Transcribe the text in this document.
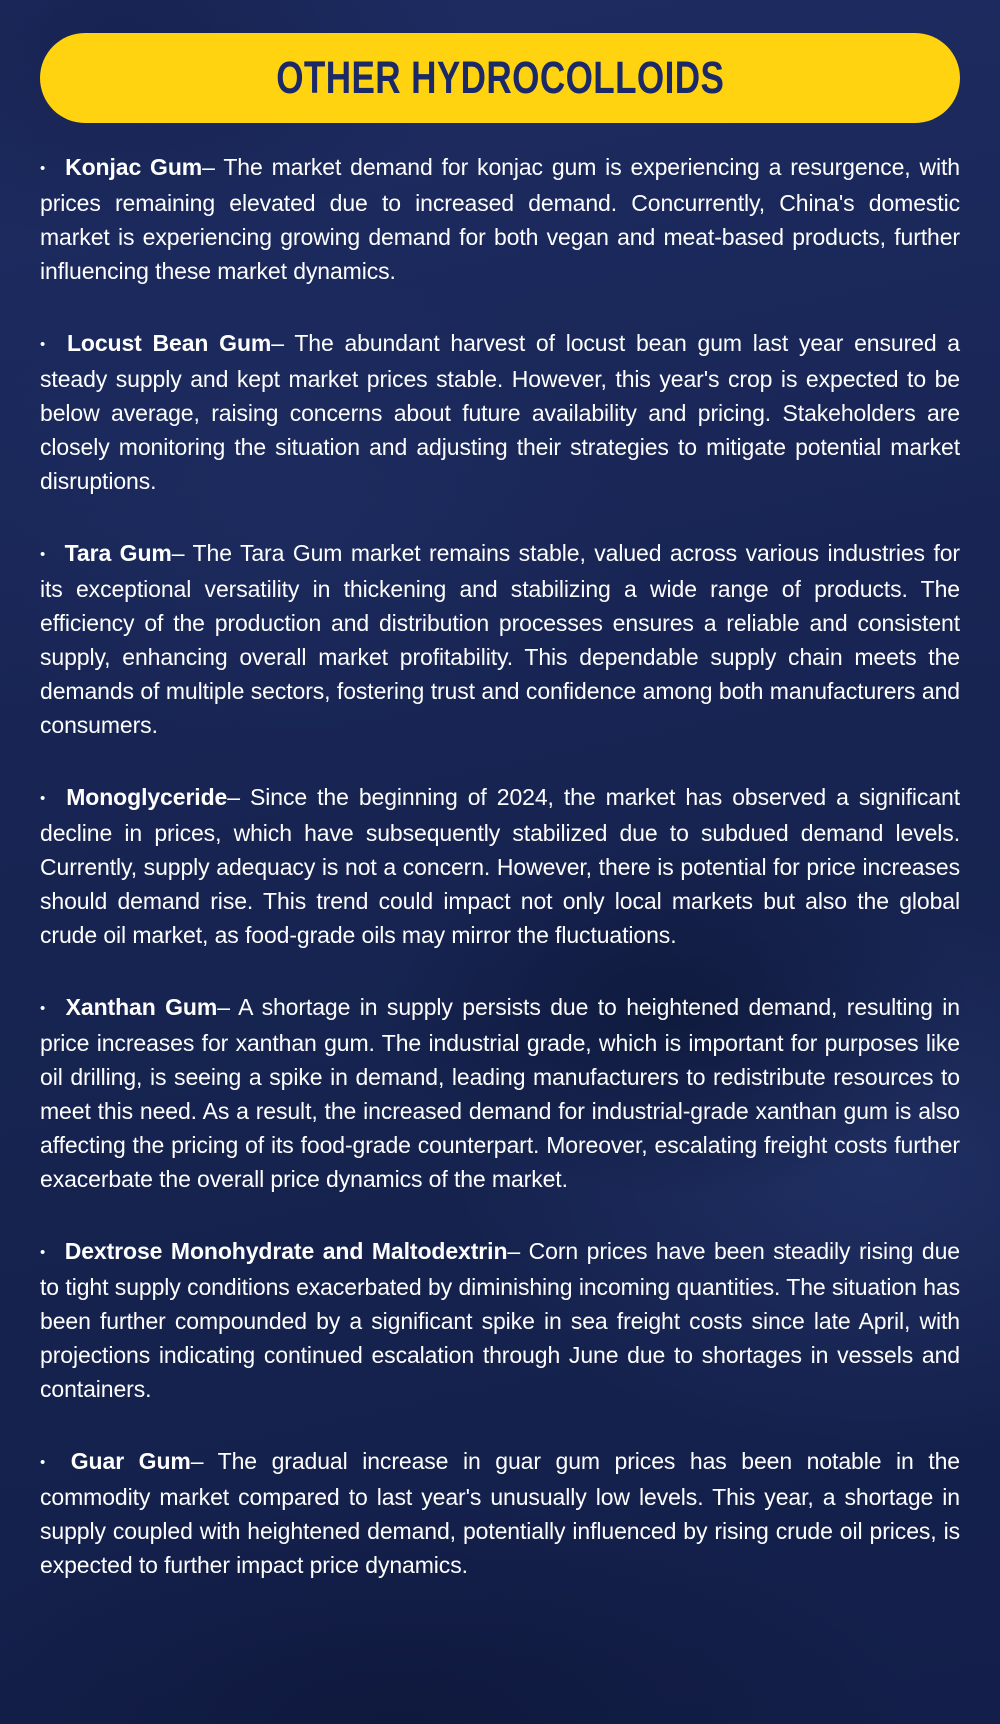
OTHER HYDROCOLLOIDS

• Konjac Gum– The market demand for konjac gum is experiencing a resurgence, with prices remaining elevated due to increased demand. Concurrently, China's domestic market is experiencing growing demand for both vegan and meat-based products, further influencing these market dynamics.

• Locust Bean Gum– The abundant harvest of locust bean gum last year ensured a steady supply and kept market prices stable. However, this year's crop is expected to be below average, raising concerns about future availability and pricing. Stakeholders are closely monitoring the situation and adjusting their strategies to mitigate potential market disruptions.

• Tara Gum– The Tara Gum market remains stable, valued across various industries for its exceptional versatility in thickening and stabilizing a wide range of products. The efficiency of the production and distribution processes ensures a reliable and consistent supply, enhancing overall market profitability. This dependable supply chain meets the demands of multiple sectors, fostering trust and confidence among both manufacturers and consumers.

• Monoglyceride– Since the beginning of 2024, the market has observed a significant decline in prices, which have subsequently stabilized due to subdued demand levels. Currently, supply adequacy is not a concern. However, there is potential for price increases should demand rise. This trend could impact not only local markets but also the global crude oil market, as food-grade oils may mirror the fluctuations.

• Xanthan Gum– A shortage in supply persists due to heightened demand, resulting in price increases for xanthan gum. The industrial grade, which is important for purposes like oil drilling, is seeing a spike in demand, leading manufacturers to redistribute resources to meet this need. As a result, the increased demand for industrial-grade xanthan gum is also affecting the pricing of its food-grade counterpart. Moreover, escalating freight costs further exacerbate the overall price dynamics of the market.

• Dextrose Monohydrate and Maltodextrin– Corn prices have been steadily rising due to tight supply conditions exacerbated by diminishing incoming quantities. The situation has been further compounded by a significant spike in sea freight costs since late April, with projections indicating continued escalation through June due to shortages in vessels and containers.

• Guar Gum– The gradual increase in guar gum prices has been notable in the commodity market compared to last year's unusually low levels. This year, a shortage in supply coupled with heightened demand, potentially influenced by rising crude oil prices, is expected to further impact price dynamics.
